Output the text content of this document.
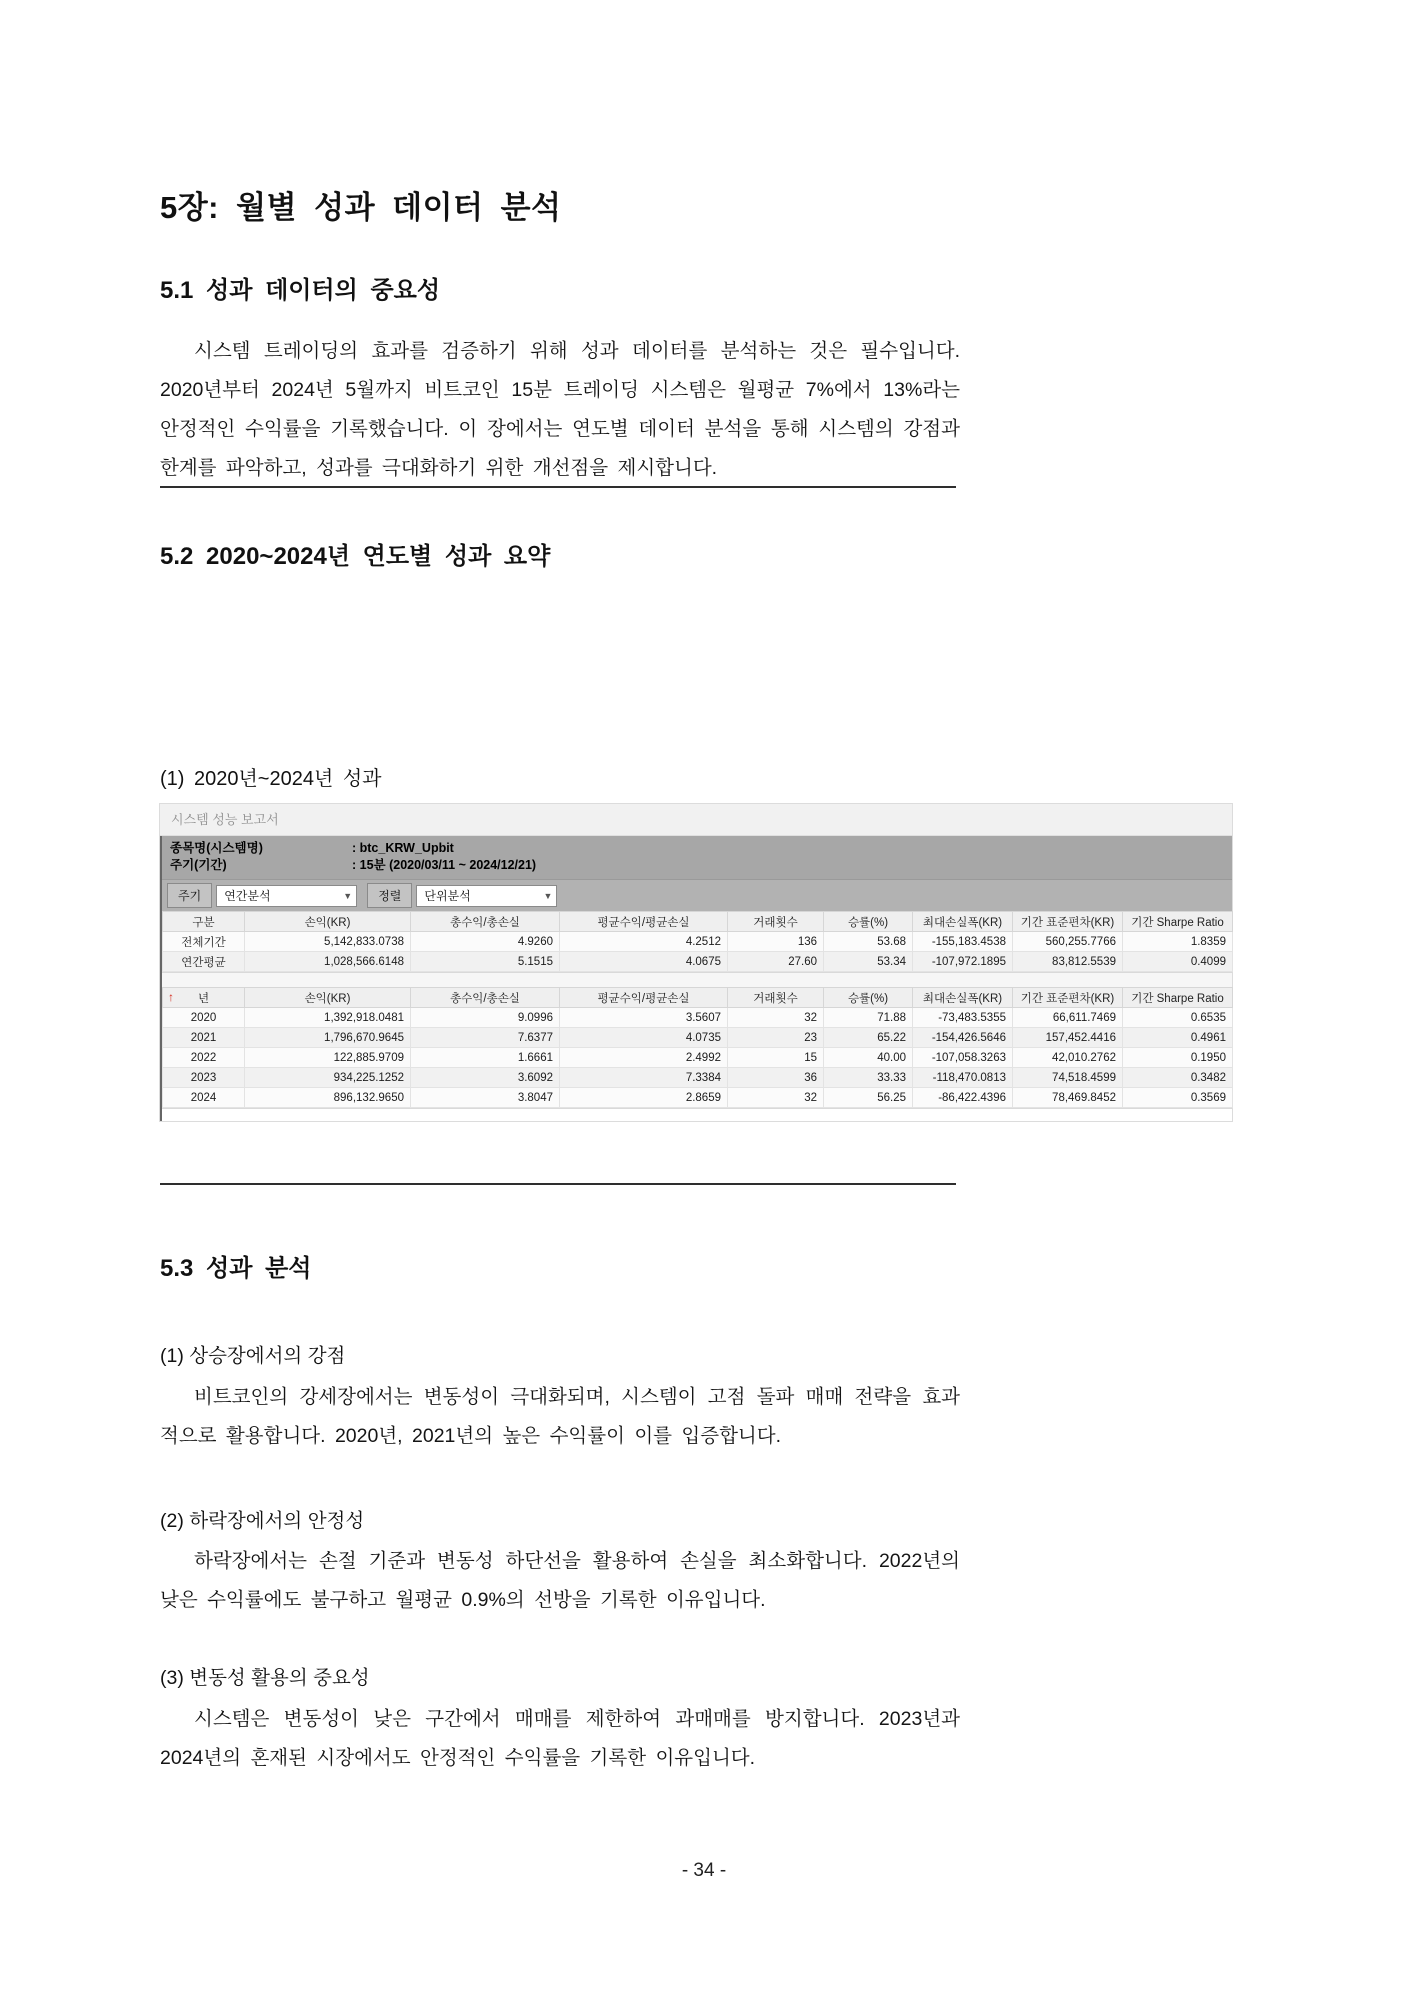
5장: 월별 성과 데이터 분석
5.1 성과 데이터의 중요성
시스템 트레이딩의 효과를 검증하기 위해 성과 데이터를 분석하는 것은 필수입니다. 2020년부터 2024년 5월까지 비트코인 15분 트레이딩 시스템은 월평균 7%에서 13%라는 안정적인 수익률을 기록했습니다. 이 장에서는 연도별 데이터 분석을 통해 시스템의 강점과 한계를 파악하고, 성과를 극대화하기 위한 개선점을 제시합니다.
5.2 2020~2024년 연도별 성과 요약
(1) 2020년~2024년 성과
시스템 성능 보고서
종목명(시스템명)	: btc_KRW_Upbit
주기(기간)	: 15분 (2020/03/11 ~ 2024/12/21)
주기	연간분석	▼	정렬	단위분석	▼
구분	손익(KR)	총수익/총손실	평균수익/평균손실	거래횟수	승률(%)	최대손실폭(KR)	기간 표준편차(KR)	기간 Sharpe Ratio
전체기간	5,142,833.0738	4.9260	4.2512	136	53.68	-155,183.4538	560,255.7766	1.8359
연간평균	1,028,566.6148	5.1515	4.0675	27.60	53.34	-107,972.1895	83,812.5539	0.4099
↑ 년	손익(KR)	총수익/총손실	평균수익/평균손실	거래횟수	승률(%)	최대손실폭(KR)	기간 표준편차(KR)	기간 Sharpe Ratio
2020	1,392,918.0481	9.0996	3.5607	32	71.88	-73,483.5355	66,611.7469	0.6535
2021	1,796,670.9645	7.6377	4.0735	23	65.22	-154,426.5646	157,452.4416	0.4961
2022	122,885.9709	1.6661	2.4992	15	40.00	-107,058.3263	42,010.2762	0.1950
2023	934,225.1252	3.6092	7.3384	36	33.33	-118,470.0813	74,518.4599	0.3482
2024	896,132.9650	3.8047	2.8659	32	56.25	-86,422.4396	78,469.8452	0.3569
5.3 성과 분석
(1) 상승장에서의 강점
비트코인의 강세장에서는 변동성이 극대화되며, 시스템이 고점 돌파 매매 전략을 효과적으로 활용합니다. 2020년, 2021년의 높은 수익률이 이를 입증합니다.
(2) 하락장에서의 안정성
하락장에서는 손절 기준과 변동성 하단선을 활용하여 손실을 최소화합니다. 2022년의 낮은 수익률에도 불구하고 월평균 0.9%의 선방을 기록한 이유입니다.
(3) 변동성 활용의 중요성
시스템은 변동성이 낮은 구간에서 매매를 제한하여 과매매를 방지합니다. 2023년과 2024년의 혼재된 시장에서도 안정적인 수익률을 기록한 이유입니다.
- 34 -
